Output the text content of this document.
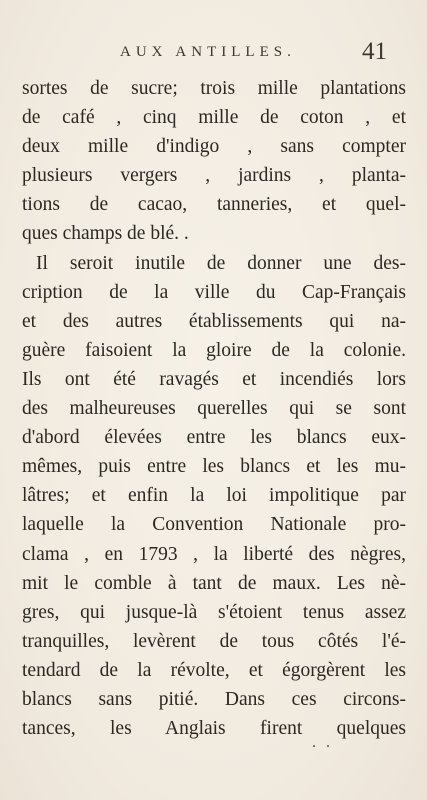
AUX ANTILLES.	41
sortes de sucre; trois mille plantations
de café , cinq mille de coton , et
deux mille d'indigo , sans compter
plusieurs vergers , jardins , planta-
tions de cacao, tanneries, et quel-
ques champs de blé. .
Il seroit inutile de donner une des-
cription de la ville du Cap-Français
et des autres établissements qui na-
guère faisoient la gloire de la colonie.
Ils ont été ravagés et incendiés lors
des malheureuses querelles qui se sont
d'abord élevées entre les blancs eux-
mêmes, puis entre les blancs et les mu-
lâtres; et enfin la loi impolitique par
laquelle la Convention Nationale pro-
clama , en 1793 , la liberté des nègres,
mit le comble à tant de maux. Les nè-
gres, qui jusque-là s'étoient tenus assez
tranquilles, levèrent de tous côtés l'é-
tendard de la révolte, et égorgèrent les
blancs sans pitié. Dans ces circons-
tances, les Anglais firent quelques
. .
